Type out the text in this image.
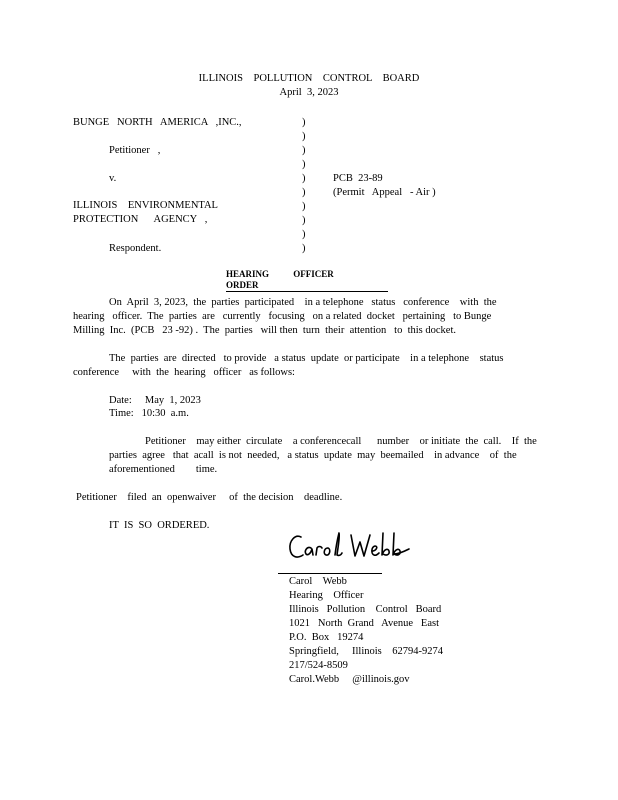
ILLINOIS    POLLUTION    CONTROL    BOARD
April  3, 2023
BUNGE   NORTH   AMERICA   ,INC.,
Petitioner   ,
v.
ILLINOIS    ENVIRONMENTAL
PROTECTION      AGENCY   ,
Respondent.
)
)
)
)
)
)
)
)
)
)
PCB  23-89
(Permit   Appeal   - Air )
HEARING OFFICER ORDER
On  April  3, 2023,  the  parties  participated    in a telephone   status   conference    with  the
hearing   officer.  The  parties  are   currently   focusing   on a related  docket   pertaining   to Bunge
Milling  Inc.  (PCB   23 -92) .  The  parties   will then  turn  their  attention   to  this docket.
The  parties  are  directed   to provide   a status  update  or participate    in a telephone    status
conference     with  the  hearing   officer   as follows:
Date:     May  1, 2023
Time:   10:30  a.m.
Petitioner    may either  circulate    a conferencecall      number    or initiate  the  call.    If  the
parties  agree   that  acall  is not  needed,   a status  update  may  beemailed    in advance    of  the
aforementioned        time.
Petitioner    filed  an  openwaiver     of  the decision    deadline.
IT  IS  SO  ORDERED.
Carol    Webb
Hearing    Officer
Illinois   Pollution    Control   Board
1021   North  Grand   Avenue   East
P.O.  Box   19274
Springfield,     Illinois    62794-9274
217/524-8509
Carol.Webb     @illinois.gov
